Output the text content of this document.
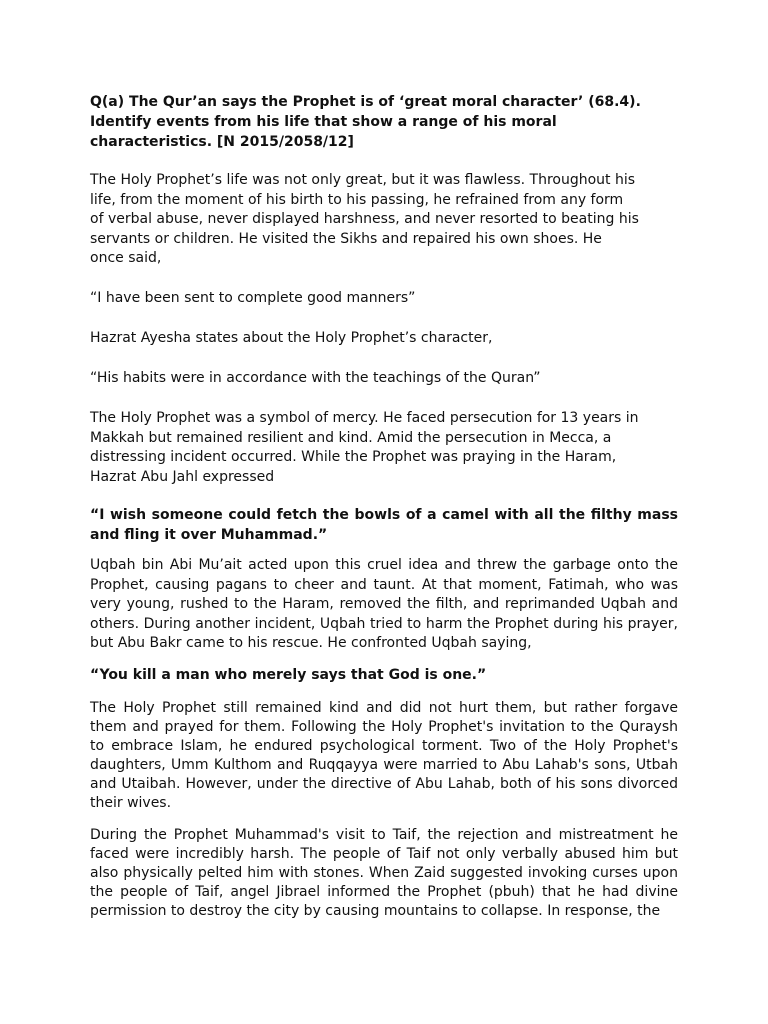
Q(a) The Qur’an says the Prophet is of ‘great moral character’ (68.4). Identify events from his life that show a range of his moral characteristics. [N 2015/2058/12]

The Holy Prophet’s life was not only great, but it was flawless. Throughout his life, from the moment of his birth to his passing, he refrained from any form of verbal abuse, never displayed harshness, and never resorted to beating his servants or children. He visited the Sikhs and repaired his own shoes. He once said,

“I have been sent to complete good manners”

Hazrat Ayesha states about the Holy Prophet’s character,

“His habits were in accordance with the teachings of the Quran”

The Holy Prophet was a symbol of mercy. He faced persecution for 13 years in Makkah but remained resilient and kind. Amid the persecution in Mecca, a distressing incident occurred. While the Prophet was praying in the Haram, Hazrat Abu Jahl expressed

“I wish someone could fetch the bowls of a camel with all the filthy mass and fling it over Muhammad.”

Uqbah bin Abi Mu’ait acted upon this cruel idea and threw the garbage onto the Prophet, causing pagans to cheer and taunt. At that moment, Fatimah, who was very young, rushed to the Haram, removed the filth, and reprimanded Uqbah and others. During another incident, Uqbah tried to harm the Prophet during his prayer, but Abu Bakr came to his rescue. He confronted Uqbah saying,

“You kill a man who merely says that God is one.”

The Holy Prophet still remained kind and did not hurt them, but rather forgave them and prayed for them. Following the Holy Prophet's invitation to the Quraysh to embrace Islam, he endured psychological torment. Two of the Holy Prophet's daughters, Umm Kulthom and Ruqqayya were married to Abu Lahab's sons, Utbah and Utaibah. However, under the directive of Abu Lahab, both of his sons divorced their wives.

During the Prophet Muhammad's visit to Taif, the rejection and mistreatment he faced were incredibly harsh. The people of Taif not only verbally abused him but also physically pelted him with stones. When Zaid suggested invoking curses upon the people of Taif, angel Jibrael informed the Prophet (pbuh) that he had divine permission to destroy the city by causing mountains to collapse. In response, the
